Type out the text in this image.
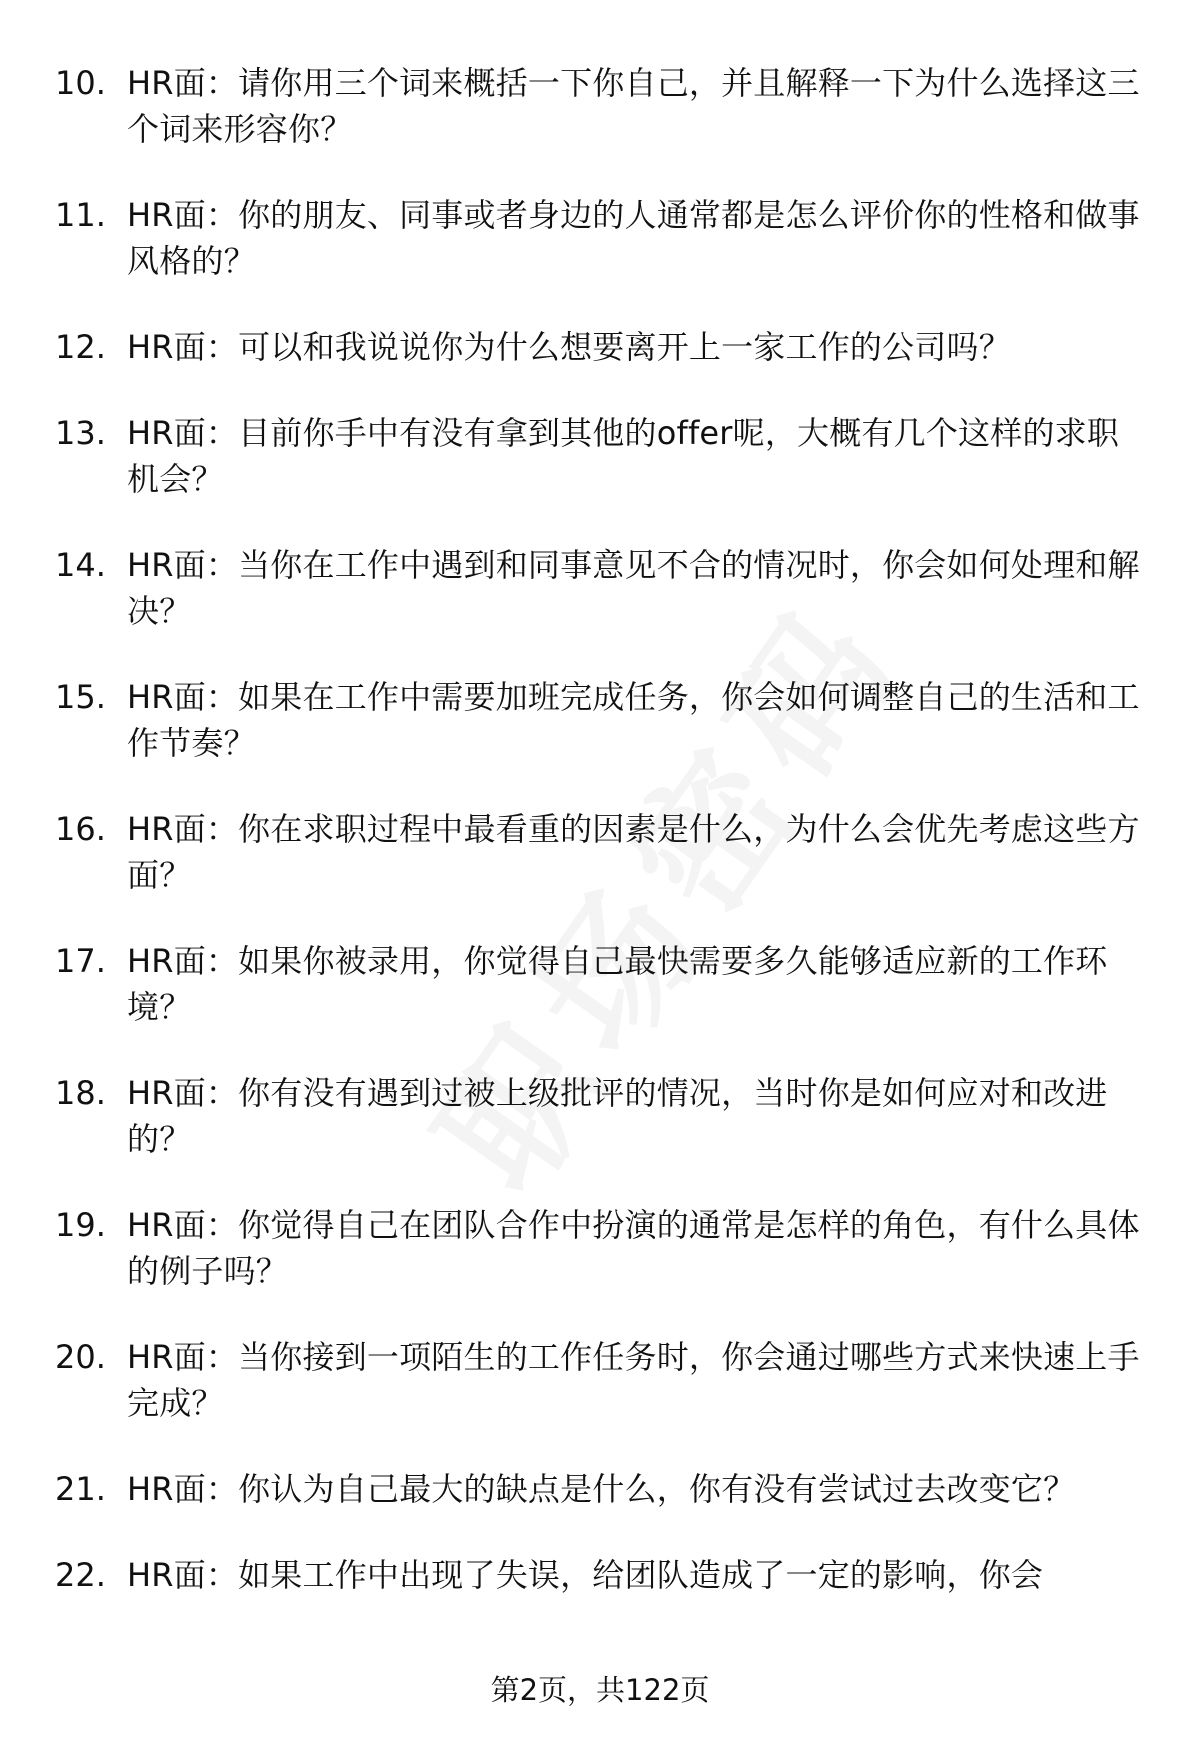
10. HR面：请你用三个词来概括一下你自己，并且解释一下为什么选择这三个词来形容你？
11. HR面：你的朋友、同事或者身边的人通常都是怎么评价你的性格和做事风格的？
12. HR面：可以和我说说你为什么想要离开上一家工作的公司吗？
13. HR面：目前你手中有没有拿到其他的offer呢，大概有几个这样的求职机会？
14. HR面：当你在工作中遇到和同事意见不合的情况时，你会如何处理和解决？
15. HR面：如果在工作中需要加班完成任务，你会如何调整自己的生活和工作节奏？
16. HR面：你在求职过程中最看重的因素是什么，为什么会优先考虑这些方面？
17. HR面：如果你被录用，你觉得自己最快需要多久能够适应新的工作环境？
18. HR面：你有没有遇到过被上级批评的情况，当时你是如何应对和改进的？
19. HR面：你觉得自己在团队合作中扮演的通常是怎样的角色，有什么具体的例子吗？
20. HR面：当你接到一项陌生的工作任务时，你会通过哪些方式来快速上手完成？
21. HR面：你认为自己最大的缺点是什么，你有没有尝试过去改变它？
22. HR面：如果工作中出现了失误，给团队造成了一定的影响，你会
第2页，共122页
